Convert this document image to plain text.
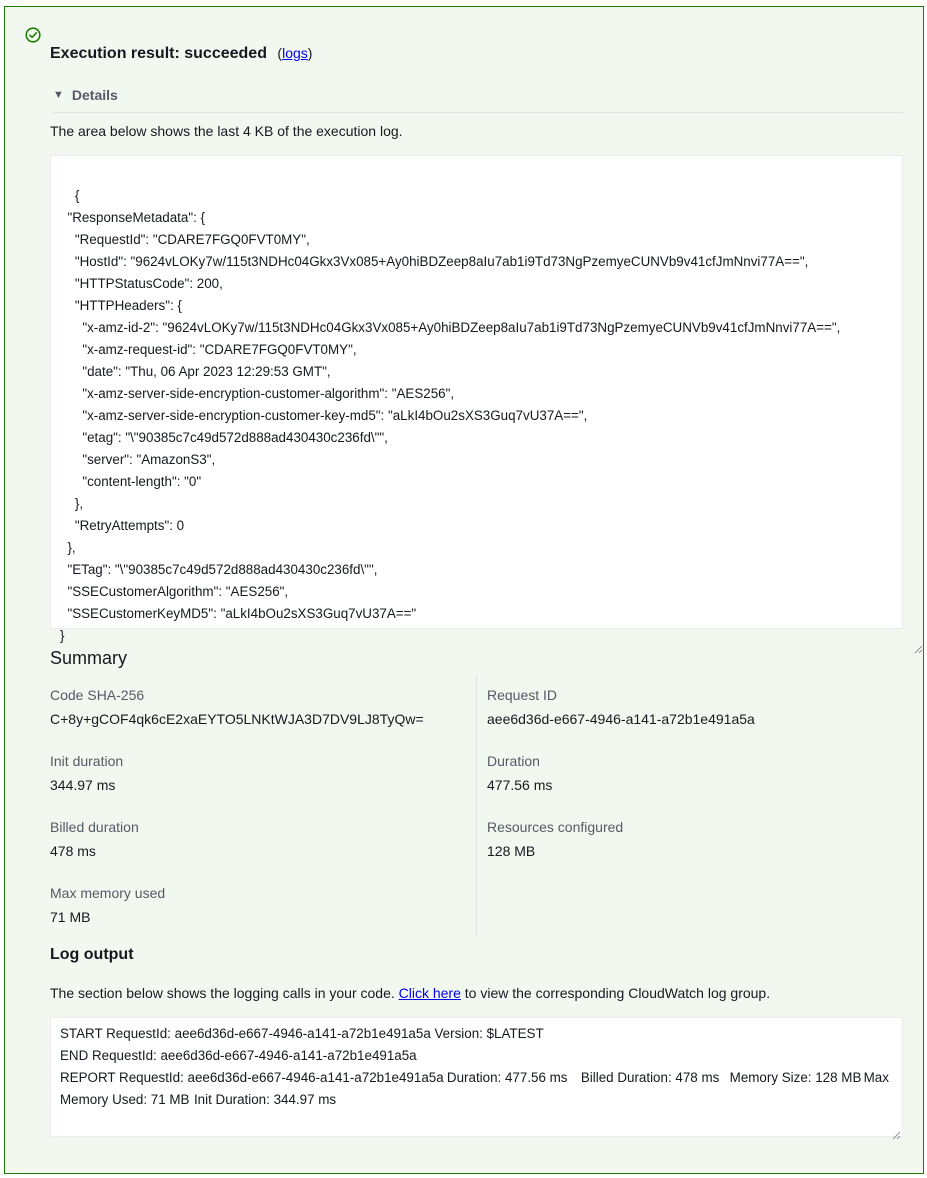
Execution result: succeeded (logs)
▼ Details
The area below shows the last 4 KB of the execution log.

{
"ResponseMetadata": {
"RequestId": "CDARE7FGQ0FVT0MY",
"HostId": "9624vLOKy7w/115t3NDHc04Gkx3Vx085+Ay0hiBDZeep8aIu7ab1i9Td73NgPzemyeCUNVb9v41cfJmNnvi77A==",
"HTTPStatusCode": 200,
"HTTPHeaders": {
"x-amz-id-2": "9624vLOKy7w/115t3NDHc04Gkx3Vx085+Ay0hiBDZeep8aIu7ab1i9Td73NgPzemyeCUNVb9v41cfJmNnvi77A==",
"x-amz-request-id": "CDARE7FGQ0FVT0MY",
"date": "Thu, 06 Apr 2023 12:29:53 GMT",
"x-amz-server-side-encryption-customer-algorithm": "AES256",
"x-amz-server-side-encryption-customer-key-md5": "aLkI4bOu2sXS3Guq7vU37A==",
"etag": "\"90385c7c49d572d888ad430430c236fd\"",
"server": "AmazonS3",
"content-length": "0"
},
"RetryAttempts": 0
},
"ETag": "\"90385c7c49d572d888ad430430c236fd\"",
"SSECustomerAlgorithm": "AES256",
"SSECustomerKeyMD5": "aLkI4bOu2sXS3Guq7vU37A=="
}

Summary
Code SHA-256
C+8y+gCOF4qk6cE2xaEYTO5LNKtWJA3D7DV9LJ8TyQw=
Request ID
aee6d36d-e667-4946-a141-a72b1e491a5a
Init duration
344.97 ms
Duration
477.56 ms
Billed duration
478 ms
Resources configured
128 MB
Max memory used
71 MB
Log output
The section below shows the logging calls in your code. Click here to view the corresponding CloudWatch log group.
START RequestId: aee6d36d-e667-4946-a141-a72b1e491a5a Version: $LATEST
END RequestId: aee6d36d-e667-4946-a141-a72b1e491a5a
REPORT RequestId: aee6d36d-e667-4946-a141-a72b1e491a5a	Duration: 477.56 ms	Billed Duration: 478 ms	Memory Size: 128 MB	Max Memory Used: 71 MB	Init Duration: 344.97 ms
